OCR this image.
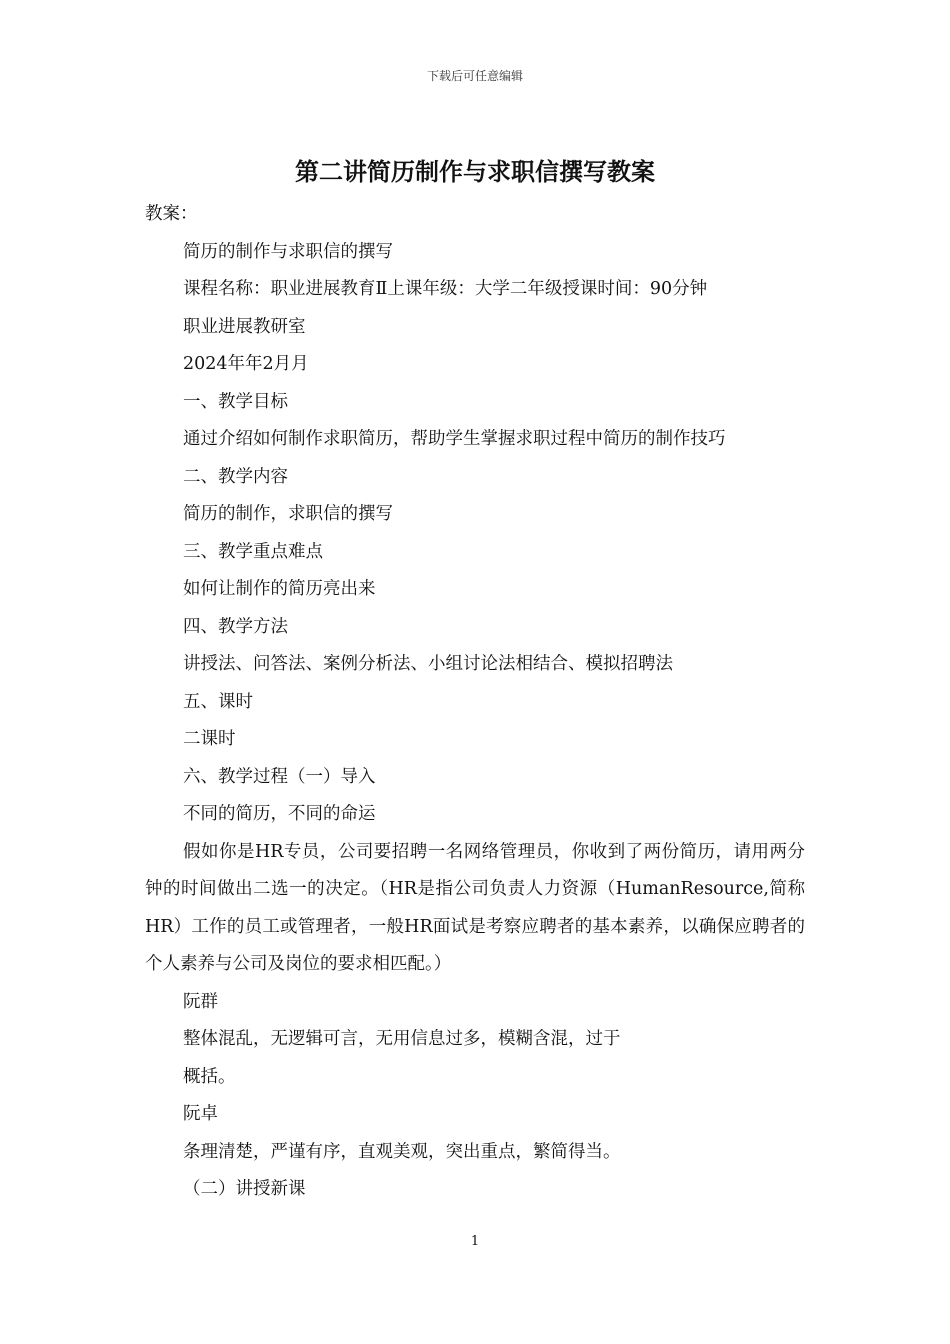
下载后可任意编辑
第二讲简历制作与求职信撰写教案
教案：
简历的制作与求职信的撰写
课程名称：职业进展教育Ⅱ上课年级：大学二年级授课时间：90分钟
职业进展教研室
2024年年2月月
一、教学目标
通过介绍如何制作求职简历，帮助学生掌握求职过程中简历的制作技巧
二、教学内容
简历的制作，求职信的撰写
三、教学重点难点
如何让制作的简历亮出来
四、教学方法
讲授法、问答法、案例分析法、小组讨论法相结合、模拟招聘法
五、课时
二课时
六、教学过程（一）导入
不同的简历，不同的命运

假如你是HR专员，公司要招聘一名网络管理员，你收到了两份简历，请用两分钟的时间做出二选一的决定。（HR是指公司负责人力资源（HumanResource,简称HR）工作的员工或管理者，一般HR面试是考察应聘者的基本素养，以确保应聘者的个人素养与公司及岗位的要求相匹配。）

阮群
整体混乱，无逻辑可言，无用信息过多，模糊含混，过于
概括。
阮卓
条理清楚，严谨有序，直观美观，突出重点，繁简得当。
（二）讲授新课
1
